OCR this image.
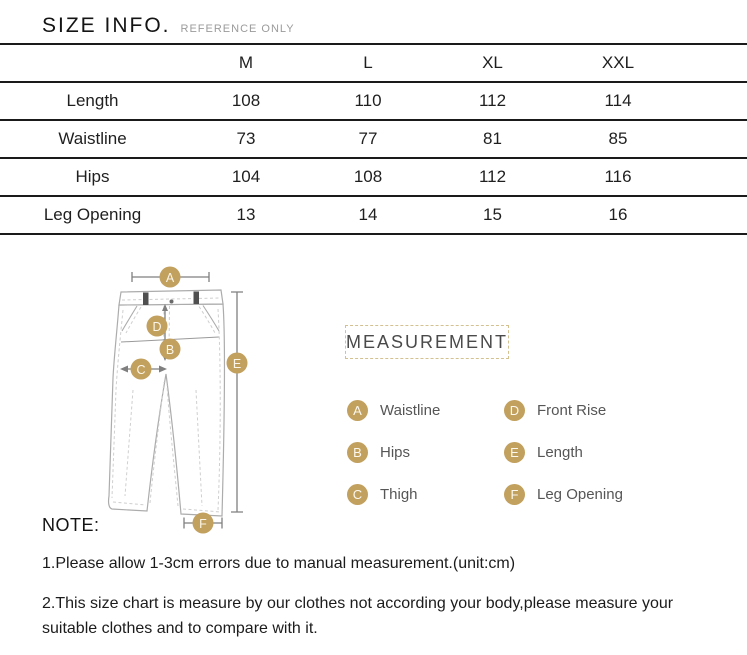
SIZE INFO. REFERENCE ONLY
	M	L	XL	XXL	
Length	108	110	112	114	
Waistline	73	77	81	85	
Hips	104	108	112	116	
Leg Opening	13	14	15	16	
A
B
C
D
E
F
MEASUREMENT
A	Waistline
B	Hips
C	Thigh
D	Front Rise
E	Length
F	Leg Opening
NOTE:

1.Please allow 1-3cm errors due to manual measurement.(unit:cm)

2.This size chart is measure by our clothes not according your body,please measure your suitable clothes and to compare with it.
